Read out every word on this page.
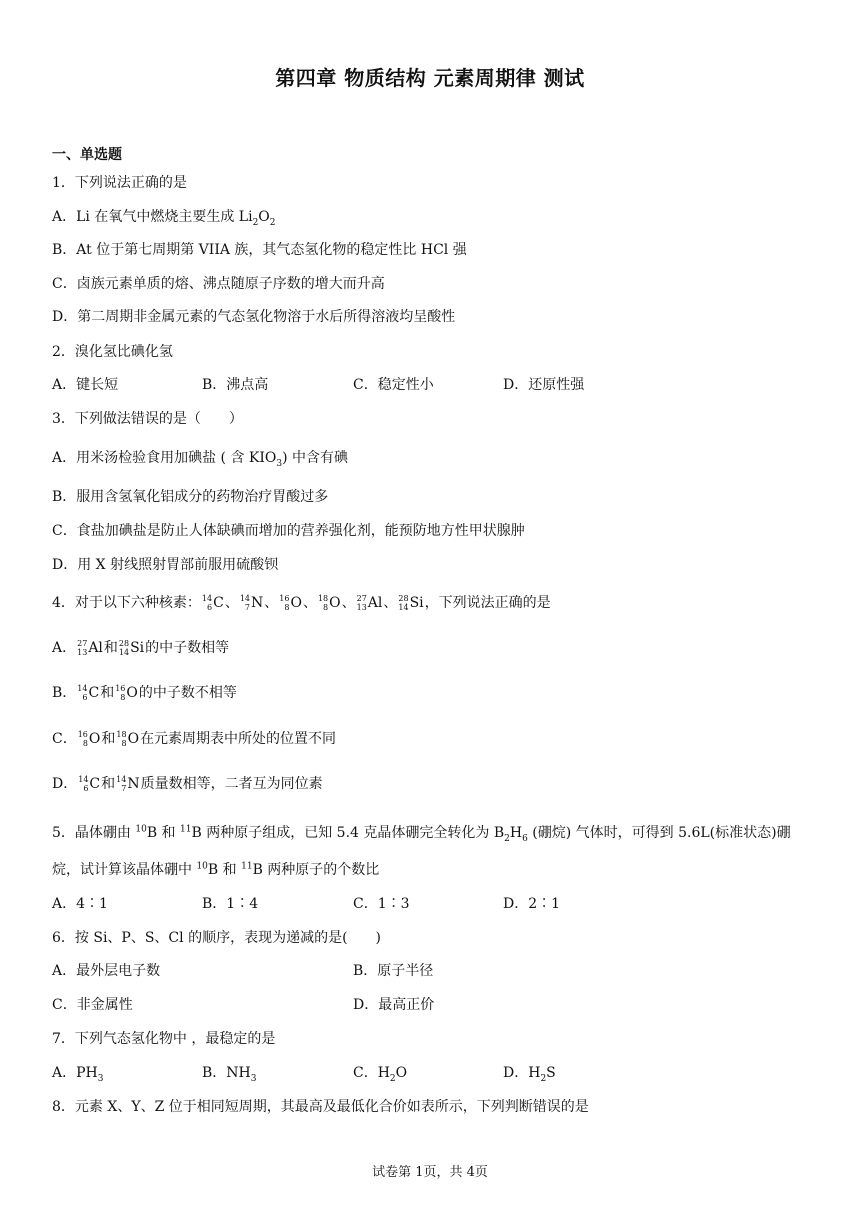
第四章 物质结构 元素周期律 测试
一、单选题
1．下列说法正确的是
A．Li 在氧气中燃烧主要生成 $Li_2O_2$
B．At 位于第七周期第 VIIA 族，其气态氢化物的稳定性比 HCl 强
C．卤族元素单质的熔、沸点随原子序数的增大而升高
D．第二周期非金属元素的气态氢化物溶于水后所得溶液均呈酸性
2．溴化氢比碘化氢
A．键长短	B．沸点高	C．稳定性小	D．还原性强
3．下列做法错误的是（　　）
A．用米汤检验食用加碘盐 ( 含 $KIO_3$) 中含有碘
B．服用含氢氧化铝成分的药物治疗胃酸过多
C．食盐加碘盐是防止人体缺碘而增加的营养强化剂，能预防地方性甲状腺肿
D．用 X 射线照射胃部前服用硫酸钡
4．对于以下六种核素： 14
6 C 、 14
7 N 、 16
8 O 、 18
8 O 、 27
13 Al 、 28
14 Si ，下列说法正确的是
A． 27
13 Al 和 28
14 Si 的中子数相等
B． 14
6 C 和 16
8 O 的中子数不相等
C． 16
8 O 和 18
8 O 在元素周期表中所处的位置不同
D． 14
6 C 和 14
7 N 质量数相等，二者互为同位素
5．晶体硼由 $^{10}$B 和 $^{11}$B 两种原子组成，已知 5.4 克晶体硼完全转化为 $B_2H_6$ (硼烷) 气体时，可得到 5.6L(标准状态)硼
烷，试计算该晶体硼中 $^{10}$B 和 $^{11}$B 两种原子的个数比
A．4∶1	B．1∶4	C．1∶3	D．2∶1
6．按 Si、P、S、Cl 的顺序，表现为递减的是(　　)
A．最外层电子数	B．原子半径
C．非金属性	D．最高正价
7．下列气态氢化物中 ，最稳定的是
A．$PH_3$	B．$NH_3$	C．$H_2O$	D．$H_2S$
8．元素 X、Y、Z 位于相同短周期，其最高及最低化合价如表所示，下列判断错误的是
试卷第 1页，共 4页
